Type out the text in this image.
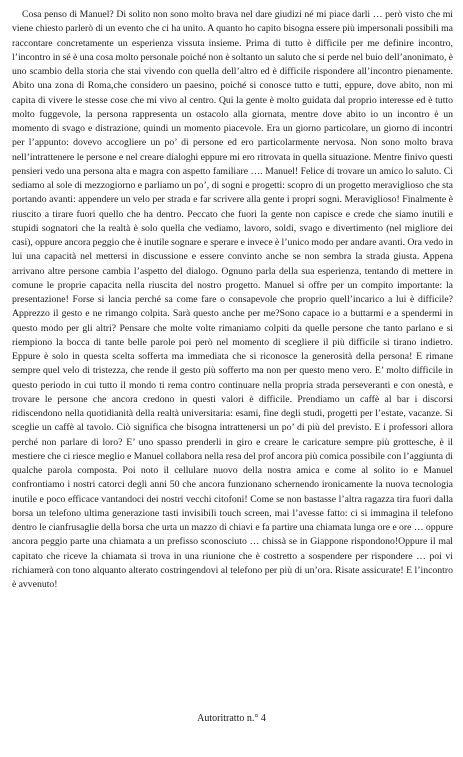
Cosa penso di Manuel? Di solito non sono molto brava nel dare giudizi né mi piace darli … però visto che mi viene chiesto parlerò di un evento che ci ha unito. A quanto ho capito bisogna essere più impersonali possibili ma raccontare concretamente un esperienza vissuta insieme. Prima di tutto è difficile per me definire incontro, l’incontro in sé è una cosa molto personale poiché non è soltanto un saluto che si perde nel buio dell’anonimato, è uno scambio della storia che stai vivendo con quella dell’altro ed è difficile rispondere all’incontro pienamente. Abito una zona di Roma,che considero un paesino, poiché si conosce tutto e tutti, eppure, dove abito, non mi capita di vivere le stesse cose che mi vivo al centro. Qui la gente è molto guidata dal proprio interesse ed è tutto molto fuggevole, la persona rappresenta un ostacolo alla giornata, mentre dove abito io un incontro è un momento di svago e distrazione, quindi un momento piacevole. Era un giorno particolare, un giorno di incontri per l’appunto: dovevo accogliere un po’ di persone ed ero particolarmente nervosa. Non sono molto brava nell’intrattenere le persone e nel creare dialoghi eppure mi ero ritrovata in quella situazione. Mentre finivo questi pensieri vedo una persona alta e magra con aspetto familiare …. Manuel! Felice di trovare un amico lo saluto. Ci sediamo al sole di mezzogiorno e parliamo un po’, di sogni e progetti: scopro di un progetto meraviglioso che sta portando avanti: appendere un velo per strada e far scrivere alla gente i propri sogni. Meraviglioso! Finalmente è riuscito a tirare fuori quello che ha dentro. Peccato che fuori la gente non capisce e crede che siamo inutili e stupidi sognatori che la realtà è solo quella che vediamo, lavoro, soldi, svago e divertimento (nel migliore dei casi), oppure ancora peggio che è inutile sognare e sperare e invece è l’unico modo per andare avanti. Ora vedo in lui una capacità nel mettersi in discussione e essere convinto anche se non sembra la strada giusta. Appena arrivano altre persone cambia l’aspetto del dialogo. Ognuno parla della sua esperienza, tentando di mettere in comune le proprie capacita nella riuscita del nostro progetto. Manuel si offre per un compito importante: la presentazione! Forse si lancia perché sa come fare o consapevole che proprio quell’incarico a lui è difficile?Apprezzo il gesto e ne rimango colpita. Sarà questo anche per me?Sono capace io a buttarmi e a spendermi in questo modo per gli altri? Pensare che molte volte rimaniamo colpiti da quelle persone che tanto parlano e si riempiono la bocca di tante belle parole poi però nel momento di scegliere il più difficile si tirano indietro. Eppure è solo in questa scelta sofferta ma immediata che si riconosce la generosità della persona! E rimane sempre quel velo di tristezza, che rende il gesto più sofferto ma non per questo meno vero. E’ molto difficile in questo periodo in cui tutto il mondo ti rema contro continuare nella propria strada perseveranti e con onestà, e trovare le persone che ancora credono in questi valori è difficile. Prendiamo un caffè al bar i discorsi ridiscendono nella quotidianità della realtà universitaria: esami, fine degli studi, progetti per l’estate, vacanze. Si sceglie un caffè al tavolo. Ciò significa che bisogna intrattenersi un po’ di più del previsto. E i professori allora perché non parlare di loro? E’ uno spasso prenderli in giro e creare le caricature sempre più grottesche, è il mestiere che ci riesce meglio e Manuel collabora nella resa del prof ancora più comica possibile con l’aggiunta di qualche parola composta. Poi noto il cellulare nuovo della nostra amica e come al solito io e Manuel confrontiamo i nostri catorci degli anni 50 che ancora funzionano schernendo ironicamente la nuova tecnologia inutile e poco efficace vantandoci dei nostri vecchi citofoni! Come se non bastasse l’altra ragazza tira fuori dalla borsa un telefono ultima generazione tasti invisibili touch screen, mai l’avesse fatto: ci si immagina il telefono dentro le cianfrusaglie della borsa che urta un mazzo di chiavi e fa partire una chiamata lunga ore e ore … oppure ancora peggio parte una chiamata a un prefisso sconosciuto … chissà se in Giappone rispondono!Oppure il mal capitato che riceve la chiamata si trova in una riunione che è costretto a sospendere per rispondere … poi vi richiamerà con tono alquanto alterato costringendovi al telefono per più di un’ora. Risate assicurate! E l’incontro è avvenuto!

Autoritratto n.° 4
